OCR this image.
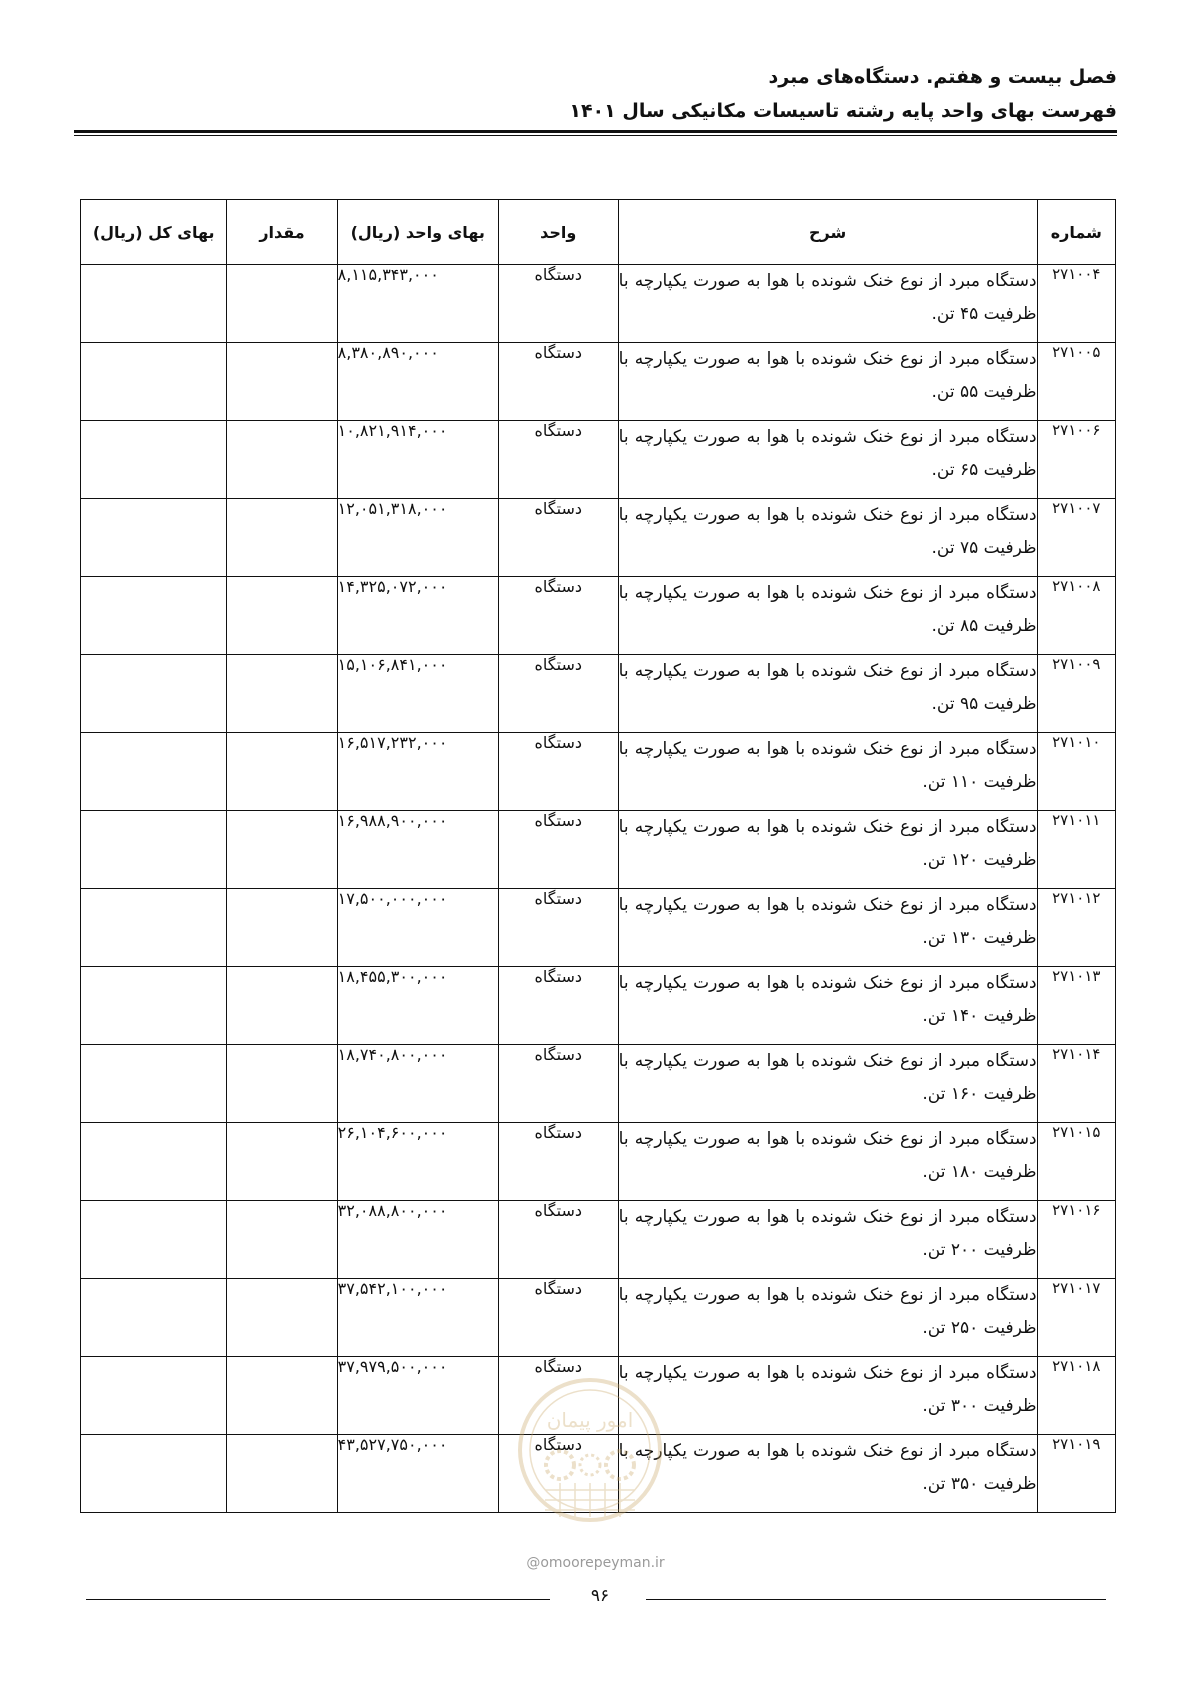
فصل بیست و هفتم. دستگاه‌های مبرد
فهرست بهای واحد پایه رشته تاسیسات مکانیکی سال ۱۴۰۱
شماره	شرح	واحد	بهای واحد (ریال)	مقدار	بهای کل (ریال)
۲۷۱۰۰۴	دستگاه مبرد از نوع خنک شونده با هوا به صورت یکپارچه با ظرفیت ۴۵ تن.	دستگاه	۸,۱۱۵,۳۴۳,۰۰۰		
۲۷۱۰۰۵	دستگاه مبرد از نوع خنک شونده با هوا به صورت یکپارچه با ظرفیت ۵۵ تن.	دستگاه	۸,۳۸۰,۸۹۰,۰۰۰		
۲۷۱۰۰۶	دستگاه مبرد از نوع خنک شونده با هوا به صورت یکپارچه با ظرفیت ۶۵ تن.	دستگاه	۱۰,۸۲۱,۹۱۴,۰۰۰		
۲۷۱۰۰۷	دستگاه مبرد از نوع خنک شونده با هوا به صورت یکپارچه با ظرفیت ۷۵ تن.	دستگاه	۱۲,۰۵۱,۳۱۸,۰۰۰		
۲۷۱۰۰۸	دستگاه مبرد از نوع خنک شونده با هوا به صورت یکپارچه با ظرفیت ۸۵ تن.	دستگاه	۱۴,۳۲۵,۰۷۲,۰۰۰		
۲۷۱۰۰۹	دستگاه مبرد از نوع خنک شونده با هوا به صورت یکپارچه با ظرفیت ۹۵ تن.	دستگاه	۱۵,۱۰۶,۸۴۱,۰۰۰		
۲۷۱۰۱۰	دستگاه مبرد از نوع خنک شونده با هوا به صورت یکپارچه با ظرفیت ۱۱۰ تن.	دستگاه	۱۶,۵۱۷,۲۳۲,۰۰۰		
۲۷۱۰۱۱	دستگاه مبرد از نوع خنک شونده با هوا به صورت یکپارچه با ظرفیت ۱۲۰ تن.	دستگاه	۱۶,۹۸۸,۹۰۰,۰۰۰		
۲۷۱۰۱۲	دستگاه مبرد از نوع خنک شونده با هوا به صورت یکپارچه با ظرفیت ۱۳۰ تن.	دستگاه	۱۷,۵۰۰,۰۰۰,۰۰۰		
۲۷۱۰۱۳	دستگاه مبرد از نوع خنک شونده با هوا به صورت یکپارچه با ظرفیت ۱۴۰ تن.	دستگاه	۱۸,۴۵۵,۳۰۰,۰۰۰		
۲۷۱۰۱۴	دستگاه مبرد از نوع خنک شونده با هوا به صورت یکپارچه با ظرفیت ۱۶۰ تن.	دستگاه	۱۸,۷۴۰,۸۰۰,۰۰۰		
۲۷۱۰۱۵	دستگاه مبرد از نوع خنک شونده با هوا به صورت یکپارچه با ظرفیت ۱۸۰ تن.	دستگاه	۲۶,۱۰۴,۶۰۰,۰۰۰		
۲۷۱۰۱۶	دستگاه مبرد از نوع خنک شونده با هوا به صورت یکپارچه با ظرفیت ۲۰۰ تن.	دستگاه	۳۲,۰۸۸,۸۰۰,۰۰۰		
۲۷۱۰۱۷	دستگاه مبرد از نوع خنک شونده با هوا به صورت یکپارچه با ظرفیت ۲۵۰ تن.	دستگاه	۳۷,۵۴۲,۱۰۰,۰۰۰		
۲۷۱۰۱۸	دستگاه مبرد از نوع خنک شونده با هوا به صورت یکپارچه با ظرفیت ۳۰۰ تن.	دستگاه	۳۷,۹۷۹,۵۰۰,۰۰۰		
۲۷۱۰۱۹	دستگاه مبرد از نوع خنک شونده با هوا به صورت یکپارچه با ظرفیت ۳۵۰ تن.	دستگاه	۴۳,۵۲۷,۷۵۰,۰۰۰		
امور پیمان
@omoorepeyman.ir
۹۶
